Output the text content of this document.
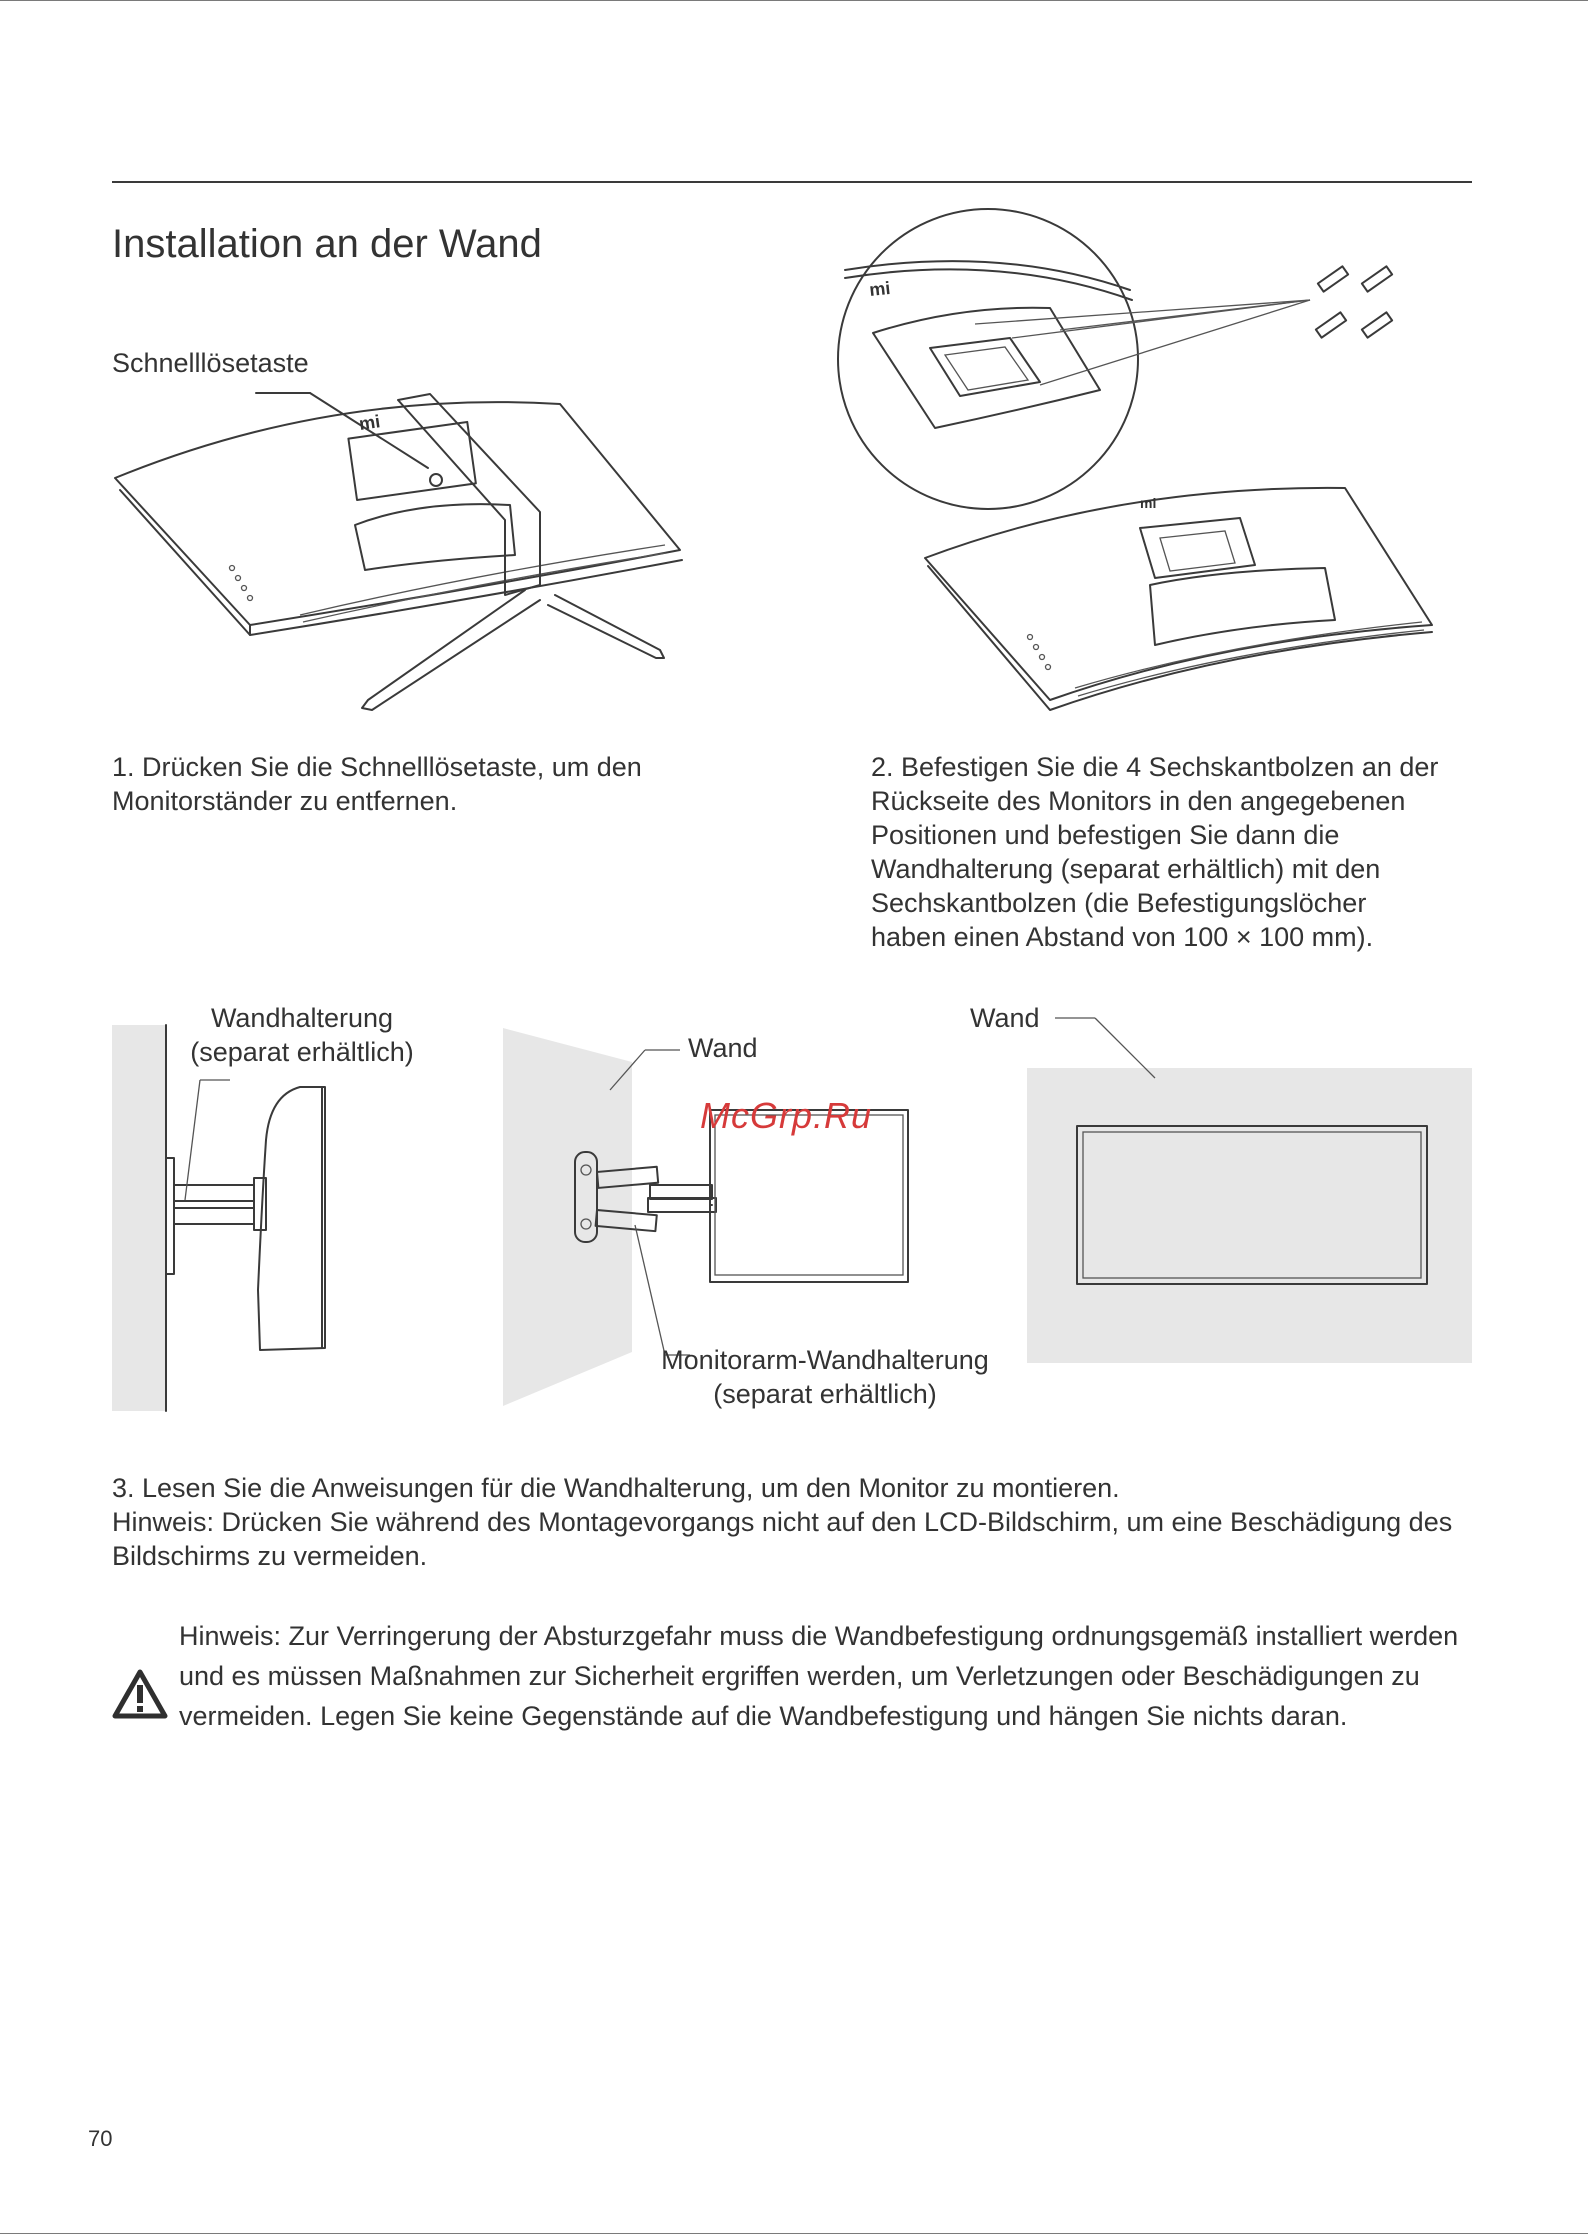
Installation an der Wand
Schnelllösetaste
mi
mi
mi
1. Drücken Sie die Schnelllösetaste, um den
Monitorständer zu entfernen.
2. Befestigen Sie die 4 Sechskantbolzen an der
Rückseite des Monitors in den angegebenen
Positionen und befestigen Sie dann die
Wandhalterung (separat erhältlich) mit den
Sechskantbolzen (die Befestigungslöcher
haben einen Abstand von 100 × 100 mm).
Wandhalterung
(separat erhältlich)	Wand
Wand
Monitorarm-Wandhalterung
(separat erhältlich)
McGrp.Ru
3. Lesen Sie die Anweisungen für die Wandhalterung, um den Monitor zu montieren.
Hinweis: Drücken Sie während des Montagevorgangs nicht auf den LCD-Bildschirm, um eine Beschädigung des Bildschirms zu vermeiden.
Hinweis: Zur Verringerung der Absturzgefahr muss die Wandbefestigung ordnungsgemäß installiert werden und es müssen Maßnahmen zur Sicherheit ergriffen werden, um Verletzungen oder Beschädigungen zu vermeiden. Legen Sie keine Gegenstände auf die Wandbefestigung und hängen Sie nichts daran.
70
